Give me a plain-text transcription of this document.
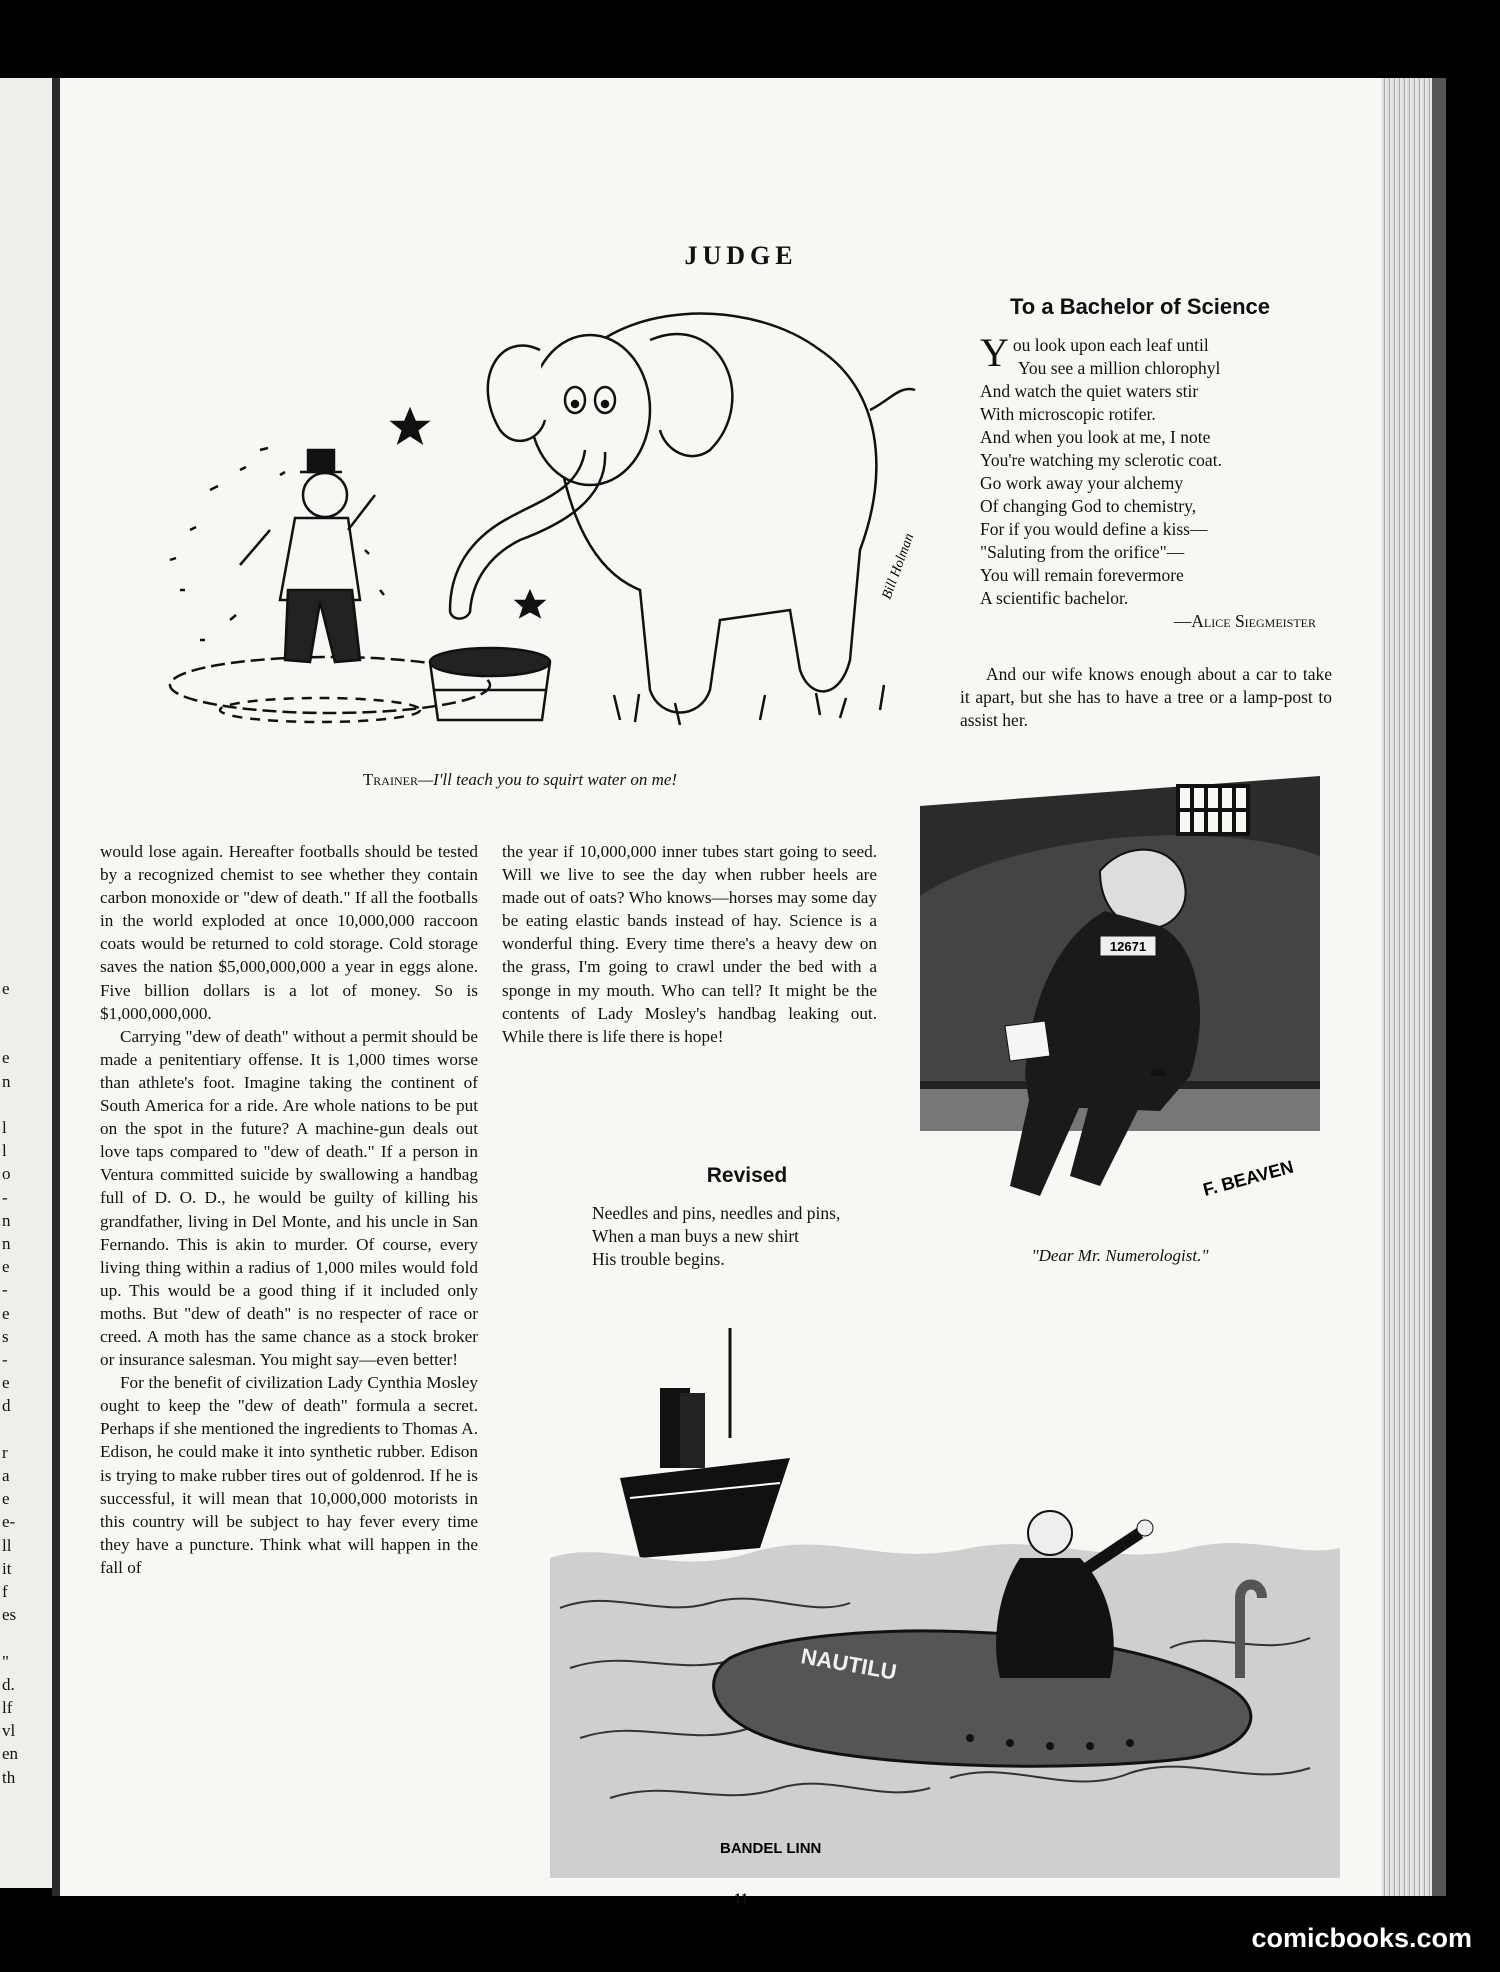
e
e
n
l
l
o
-
n
n
e
-
e
s
-
e
d
r
a
e
e-
ll
it
f
es
"
d.
lf
vl
en
th
JUDGE
Bill Holman
Trainer—I'll teach you to squirt water on me!
To a Bachelor of Science
Y ou look upon each leaf until
You see a million chlorophyl
And watch the quiet waters stir
With microscopic rotifer.
And when you look at me, I note
You're watching my sclerotic coat.
Go work away your alchemy
Of changing God to chemistry,
For if you would define a kiss—
"Saluting from the orifice"—
You will remain forevermore
A scientific bachelor.
—Alice Siegmeister
And our wife knows enough about a car to take it apart, but she has to have a tree or a lamp-post to assist her.
12671
F. BEAVEN
"Dear Mr. Numerologist."

would lose again. Hereafter footballs should be tested by a recognized chemist to see whether they contain carbon monoxide or "dew of death." If all the footballs in the world exploded at once 10,000,000 raccoon coats would be returned to cold storage. Cold storage saves the nation $5,000,000,000 a year in eggs alone. Five billion dollars is a lot of money. So is $1,000,000,000.

Carrying "dew of death" without a permit should be made a penitentiary offense. It is 1,000 times worse than athlete's foot. Imagine taking the continent of South America for a ride. Are whole nations to be put on the spot in the future? A machine-gun deals out love taps compared to "dew of death." If a person in Ventura committed suicide by swallowing a handbag full of D. O. D., he would be guilty of killing his grandfather, living in Del Monte, and his uncle in San Fernando. This is akin to murder. Of course, every living thing within a radius of 1,000 miles would fold up. This would be a good thing if it included only moths. But "dew of death" is no respecter of race or creed. A moth has the same chance as a stock broker or insurance salesman. You might say—even better!

For the benefit of civilization Lady Cynthia Mosley ought to keep the "dew of death" formula a secret. Perhaps if she mentioned the ingredients to Thomas A. Edison, he could make it into synthetic rubber. Edison is trying to make rubber tires out of goldenrod. If he is successful, it will mean that 10,000,000 motorists in this country will be subject to hay fever every time they have a puncture. Think what will happen in the fall of

the year if 10,000,000 inner tubes start going to seed. Will we live to see the day when rubber heels are made out of oats? Who knows—horses may some day be eating elastic bands instead of hay. Science is a wonderful thing. Every time there's a heavy dew on the grass, I'm going to crawl under the bed with a sponge in my mouth. Who can tell? It might be the contents of Lady Mosley's handbag leaking out. While there is life there is hope!

Revised
Needles and pins, needles and pins,
When a man buys a new shirt
His trouble begins.
NAUTILU
BANDEL LINN
11
comicbooks.com
